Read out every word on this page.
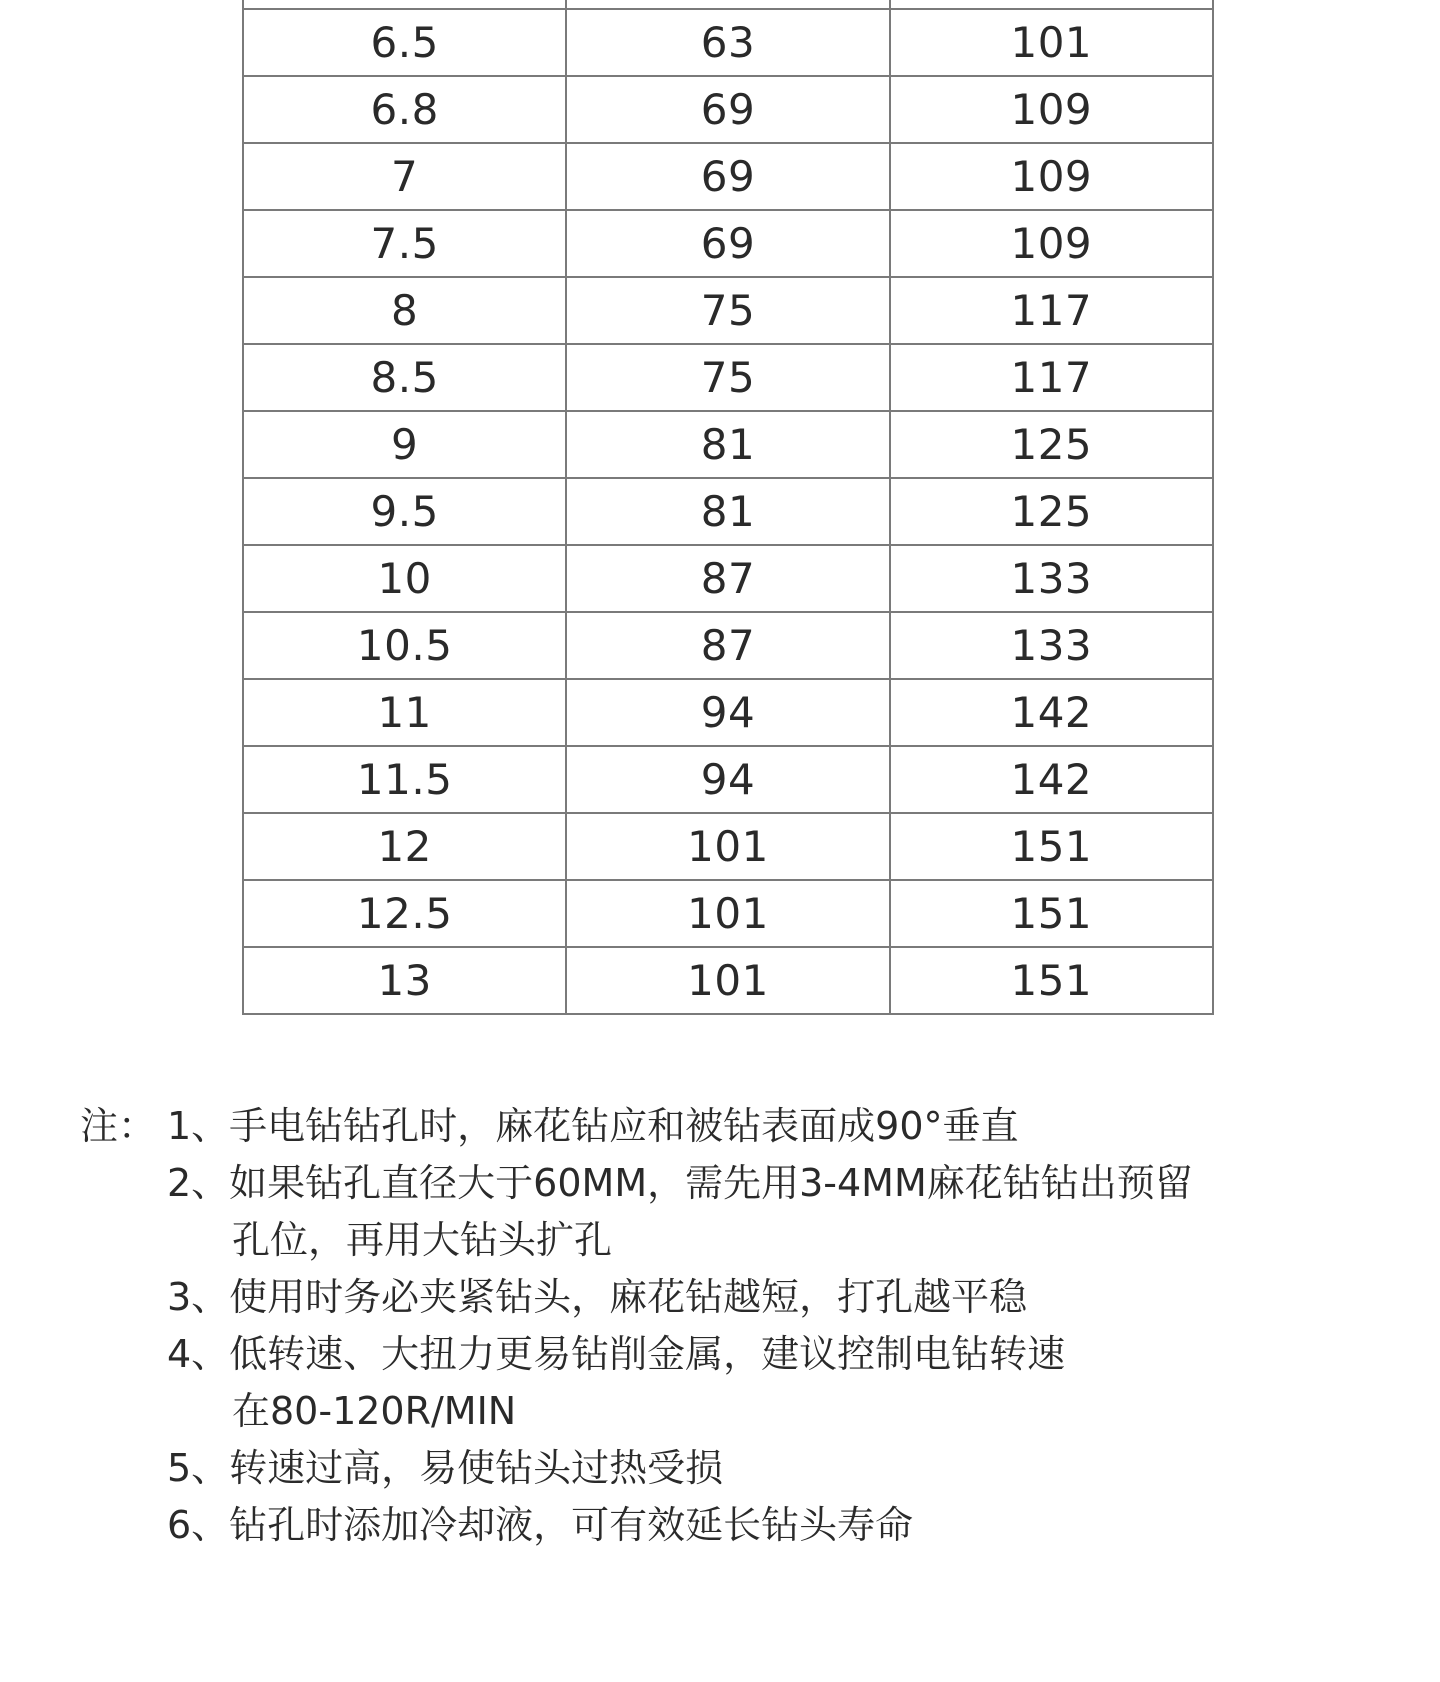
6.5	63	101
6.8	69	109
7	69	109
7.5	69	109
8	75	117
8.5	75	117
9	81	125
9.5	81	125
10	87	133
10.5	87	133
11	94	142
11.5	94	142
12	101	151
12.5	101	151
13	101	151
注： 1、手电钻钻孔时，麻花钻应和被钻表面成90°垂直
2、如果钻孔直径大于60MM，需先用3-4MM麻花钻钻出预留
孔位，再用大钻头扩孔
3、使用时务必夹紧钻头，麻花钻越短，打孔越平稳
4、低转速、大扭力更易钻削金属，建议控制电钻转速
在80-120R/MIN
5、转速过高，易使钻头过热受损
6、钻孔时添加冷却液，可有效延长钻头寿命
